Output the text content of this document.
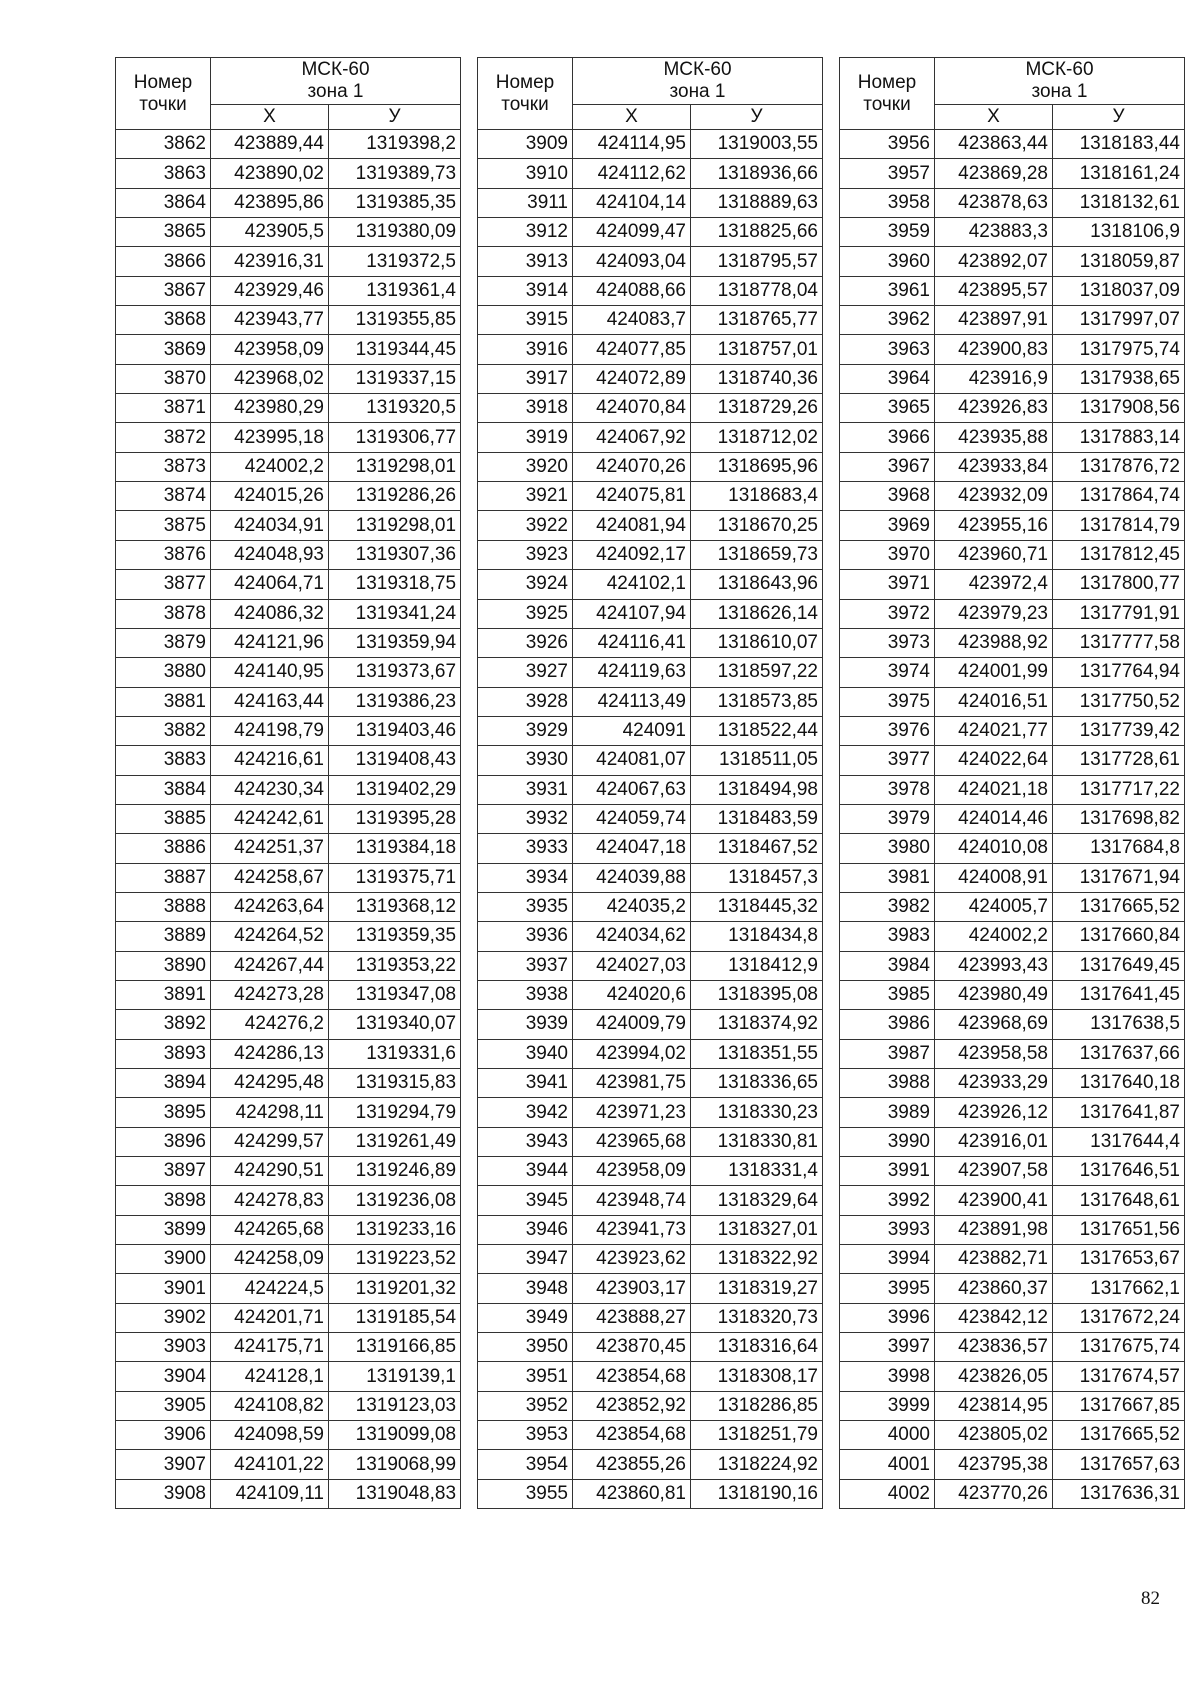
Номер
точки	МСК-60
зона 1	
	X	У
3862	423889,44	1319398,2
3863	423890,02	1319389,73
3864	423895,86	1319385,35
3865	423905,5	1319380,09
3866	423916,31	1319372,5
3867	423929,46	1319361,4
3868	423943,77	1319355,85
3869	423958,09	1319344,45
3870	423968,02	1319337,15
3871	423980,29	1319320,5
3872	423995,18	1319306,77
3873	424002,2	1319298,01
3874	424015,26	1319286,26
3875	424034,91	1319298,01
3876	424048,93	1319307,36
3877	424064,71	1319318,75
3878	424086,32	1319341,24
3879	424121,96	1319359,94
3880	424140,95	1319373,67
3881	424163,44	1319386,23
3882	424198,79	1319403,46
3883	424216,61	1319408,43
3884	424230,34	1319402,29
3885	424242,61	1319395,28
3886	424251,37	1319384,18
3887	424258,67	1319375,71
3888	424263,64	1319368,12
3889	424264,52	1319359,35
3890	424267,44	1319353,22
3891	424273,28	1319347,08
3892	424276,2	1319340,07
3893	424286,13	1319331,6
3894	424295,48	1319315,83
3895	424298,11	1319294,79
3896	424299,57	1319261,49
3897	424290,51	1319246,89
3898	424278,83	1319236,08
3899	424265,68	1319233,16
3900	424258,09	1319223,52
3901	424224,5	1319201,32
3902	424201,71	1319185,54
3903	424175,71	1319166,85
3904	424128,1	1319139,1
3905	424108,82	1319123,03
3906	424098,59	1319099,08
3907	424101,22	1319068,99
3908	424109,11	1319048,83
Номер
точки	МСК-60
зона 1	
	X	У
3909	424114,95	1319003,55
3910	424112,62	1318936,66
3911	424104,14	1318889,63
3912	424099,47	1318825,66
3913	424093,04	1318795,57
3914	424088,66	1318778,04
3915	424083,7	1318765,77
3916	424077,85	1318757,01
3917	424072,89	1318740,36
3918	424070,84	1318729,26
3919	424067,92	1318712,02
3920	424070,26	1318695,96
3921	424075,81	1318683,4
3922	424081,94	1318670,25
3923	424092,17	1318659,73
3924	424102,1	1318643,96
3925	424107,94	1318626,14
3926	424116,41	1318610,07
3927	424119,63	1318597,22
3928	424113,49	1318573,85
3929	424091	1318522,44
3930	424081,07	1318511,05
3931	424067,63	1318494,98
3932	424059,74	1318483,59
3933	424047,18	1318467,52
3934	424039,88	1318457,3
3935	424035,2	1318445,32
3936	424034,62	1318434,8
3937	424027,03	1318412,9
3938	424020,6	1318395,08
3939	424009,79	1318374,92
3940	423994,02	1318351,55
3941	423981,75	1318336,65
3942	423971,23	1318330,23
3943	423965,68	1318330,81
3944	423958,09	1318331,4
3945	423948,74	1318329,64
3946	423941,73	1318327,01
3947	423923,62	1318322,92
3948	423903,17	1318319,27
3949	423888,27	1318320,73
3950	423870,45	1318316,64
3951	423854,68	1318308,17
3952	423852,92	1318286,85
3953	423854,68	1318251,79
3954	423855,26	1318224,92
3955	423860,81	1318190,16
Номер
точки	МСК-60
зона 1	
	X	У
3956	423863,44	1318183,44
3957	423869,28	1318161,24
3958	423878,63	1318132,61
3959	423883,3	1318106,9
3960	423892,07	1318059,87
3961	423895,57	1318037,09
3962	423897,91	1317997,07
3963	423900,83	1317975,74
3964	423916,9	1317938,65
3965	423926,83	1317908,56
3966	423935,88	1317883,14
3967	423933,84	1317876,72
3968	423932,09	1317864,74
3969	423955,16	1317814,79
3970	423960,71	1317812,45
3971	423972,4	1317800,77
3972	423979,23	1317791,91
3973	423988,92	1317777,58
3974	424001,99	1317764,94
3975	424016,51	1317750,52
3976	424021,77	1317739,42
3977	424022,64	1317728,61
3978	424021,18	1317717,22
3979	424014,46	1317698,82
3980	424010,08	1317684,8
3981	424008,91	1317671,94
3982	424005,7	1317665,52
3983	424002,2	1317660,84
3984	423993,43	1317649,45
3985	423980,49	1317641,45
3986	423968,69	1317638,5
3987	423958,58	1317637,66
3988	423933,29	1317640,18
3989	423926,12	1317641,87
3990	423916,01	1317644,4
3991	423907,58	1317646,51
3992	423900,41	1317648,61
3993	423891,98	1317651,56
3994	423882,71	1317653,67
3995	423860,37	1317662,1
3996	423842,12	1317672,24
3997	423836,57	1317675,74
3998	423826,05	1317674,57
3999	423814,95	1317667,85
4000	423805,02	1317665,52
4001	423795,38	1317657,63
4002	423770,26	1317636,31
82
